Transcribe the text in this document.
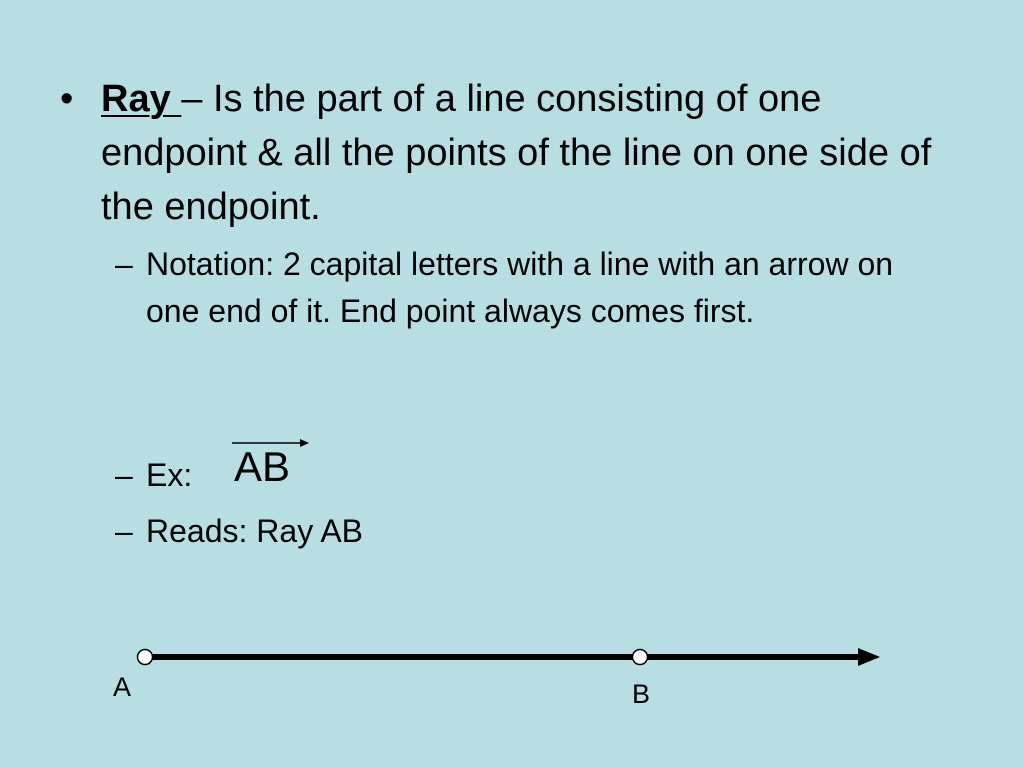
• Ray – Is the part of a line consisting of one endpoint & all the points of the line on one side of the endpoint.
– Notation: 2 capital letters with a line with an arrow on one end of it. End point always comes first.
– Ex:
– Reads: Ray AB
AB
A	B
